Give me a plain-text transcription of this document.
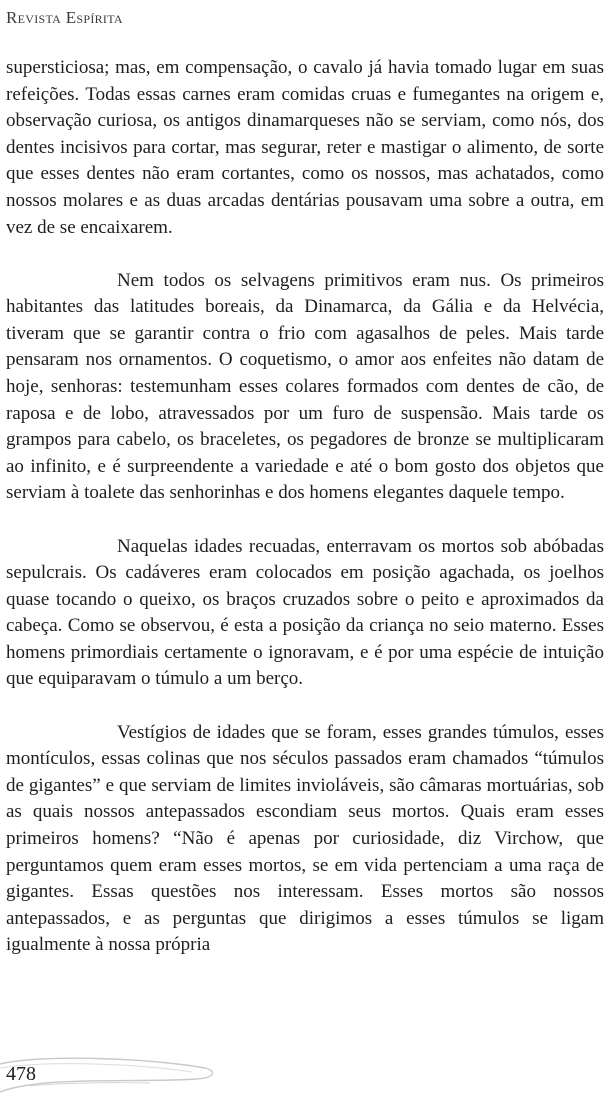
Revista Espírita

supersticiosa; mas, em compensação, o cavalo já havia tomado lugar em suas refeições. Todas essas carnes eram comidas cruas e fumegantes na origem e, observação curiosa, os antigos dinamarqueses não se serviam, como nós, dos dentes incisivos para cortar, mas segurar, reter e mastigar o alimento, de sorte que esses dentes não eram cortantes, como os nossos, mas achatados, como nossos molares e as duas arcadas dentárias pousavam uma sobre a outra, em vez de se encaixarem.

Nem todos os selvagens primitivos eram nus. Os primeiros habitantes das latitudes boreais, da Dinamarca, da Gália e da Helvécia, tiveram que se garantir contra o frio com agasalhos de peles. Mais tarde pensaram nos ornamentos. O coquetismo, o amor aos enfeites não datam de hoje, senhoras: testemunham esses colares formados com dentes de cão, de raposa e de lobo, atravessados por um furo de suspensão. Mais tarde os grampos para cabelo, os braceletes, os pegadores de bronze se multiplicaram ao infinito, e é surpreendente a variedade e até o bom gosto dos objetos que serviam à toalete das senhorinhas e dos homens elegantes daquele tempo.

Naquelas idades recuadas, enterravam os mortos sob abóbadas sepulcrais. Os cadáveres eram colocados em posição agachada, os joelhos quase tocando o queixo, os braços cruzados sobre o peito e aproximados da cabeça. Como se observou, é esta a posição da criança no seio materno. Esses homens primordiais certamente o ignoravam, e é por uma espécie de intuição que equiparavam o túmulo a um berço.

Vestígios de idades que se foram, esses grandes túmulos, esses montículos, essas colinas que nos séculos passados eram chamados “túmulos de gigantes” e que serviam de limites invioláveis, são câmaras mortuárias, sob as quais nossos antepassados escondiam seus mortos. Quais eram esses primeiros homens? “Não é apenas por curiosidade, diz Virchow, que perguntamos quem eram esses mortos, se em vida pertenciam a uma raça de gigantes. Essas questões nos interessam. Esses mortos são nossos antepassados, e as perguntas que dirigimos a esses túmulos se ligam igualmente à nossa própria

478
